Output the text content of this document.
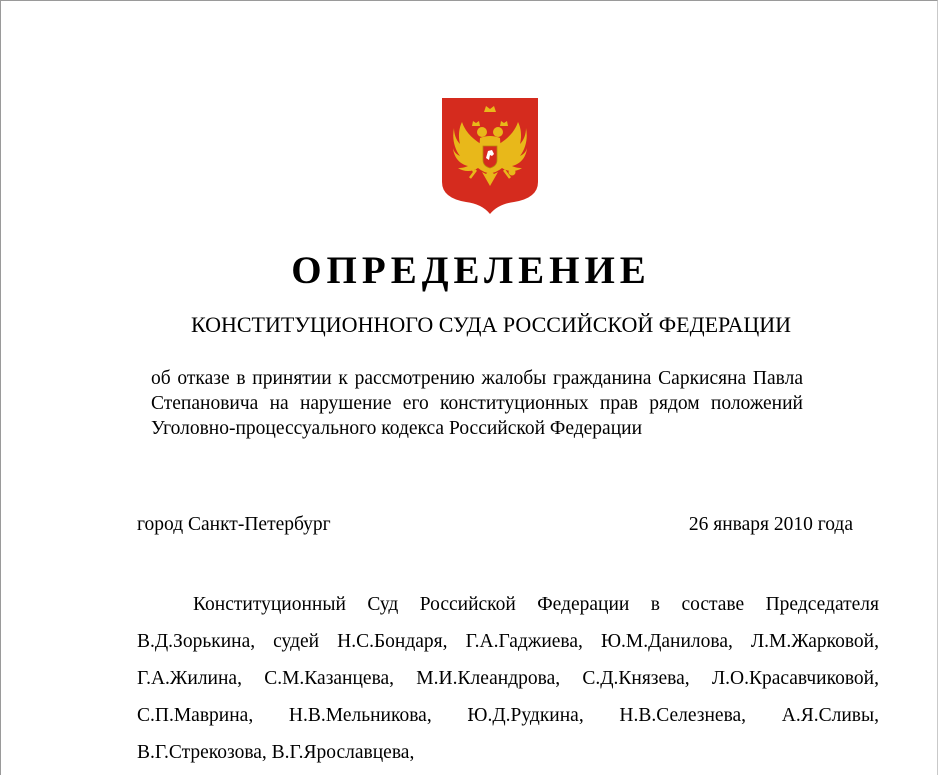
ОПРЕДЕЛЕНИЕ
КОНСТИТУЦИОННОГО СУДА РОССИЙСКОЙ ФЕДЕРАЦИИ

об отказе в принятии к рассмотрению жалобы гражданина Саркисяна Павла Степановича на нарушение его конституционных прав рядом положений Уголовно-процессуального кодекса Российской Федерации

город Санкт-Петербург	26 января 2010 года

Конституционный Суд Российской Федерации в составе Председателя В.Д.Зорькина, судей Н.С.Бондаря, Г.А.Гаджиева, Ю.М.Данилова, Л.М.Жарковой, Г.А.Жилина, С.М.Казанцева, М.И.Клеандрова, С.Д.Князева, Л.О.Красавчиковой, С.П.Маврина, Н.В.Мельникова, Ю.Д.Рудкина, Н.В.Селезнева, А.Я.Сливы, В.Г.Стрекозова, В.Г.Ярославцева,
